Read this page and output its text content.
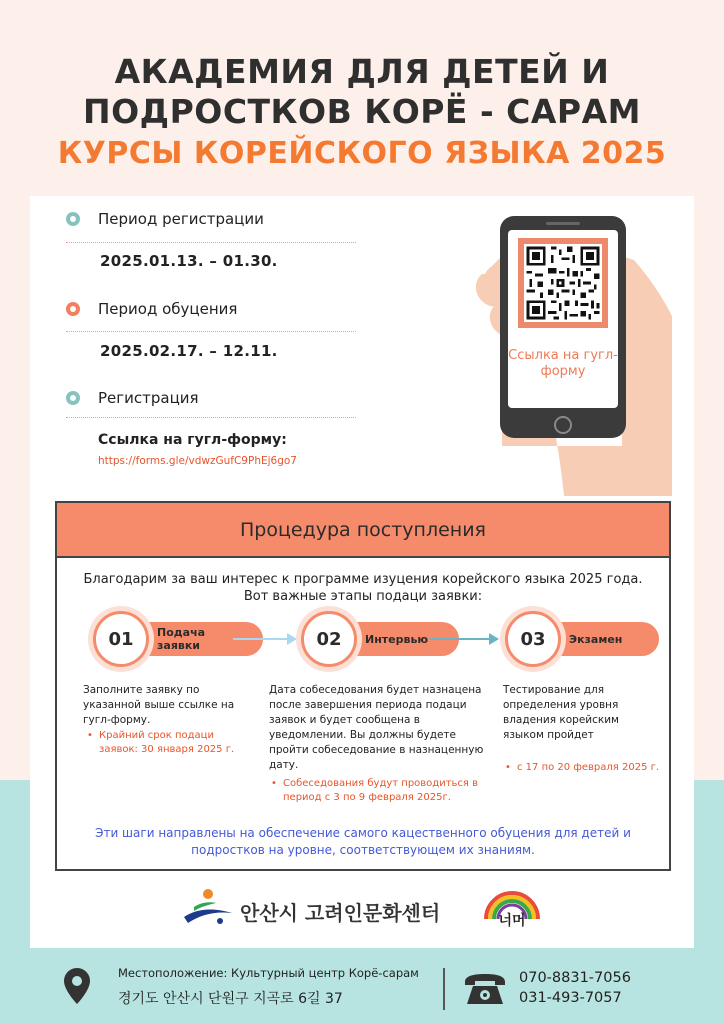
АКАДЕМИЯ ДЛЯ ДЕТЕЙ И
ПОДРОСТКОВ КОРЁ - САРАМ
КУРСЫ КОРЕЙСКОГО ЯЗЫКА 2025
Период регистрации
2025.01.13. – 01.30.
Период обуцения
2025.02.17. – 12.11.
Регистрация
Ссылка на гугл-форму:
https://forms.gle/vdwzGufC9PhEj6go7
Ссылка на гугл-форму
Процедура поступления
Благодарим за ваш интерес к программе изуцения корейского языка 2025 года.
Вот важные этапы подаци заявки:
01	Подача заявки	02	Интервью	03	Экзамен
Заполните заявку по указанной выше ссылке на гугл-форму.
• Крайний срок подаци заявок: 30 января 2025 г.
Дата собеседования будет назнацена после завершения периода подаци заявок и будет сообщена в уведомлении. Вы должны будете пройти собеседование в назнаценную дату.
• Собеседования будут проводиться в период с 3 по 9 февраля 2025г.
Тестирование для определения уровня владения корейским языком пройдет
• с 17 по 20 февраля 2025 г.
Эти шаги направлены на обеспечение самого кацественного обуцения для детей и подростков на уровне, соответствующем их знаниям.
안산시 고려인문화센터	너머
Местоположение: Культурный центр Корё-сарам
경기도 안산시 단원구 지곡로 6길 37
070-8831-7056
031-493-7057
